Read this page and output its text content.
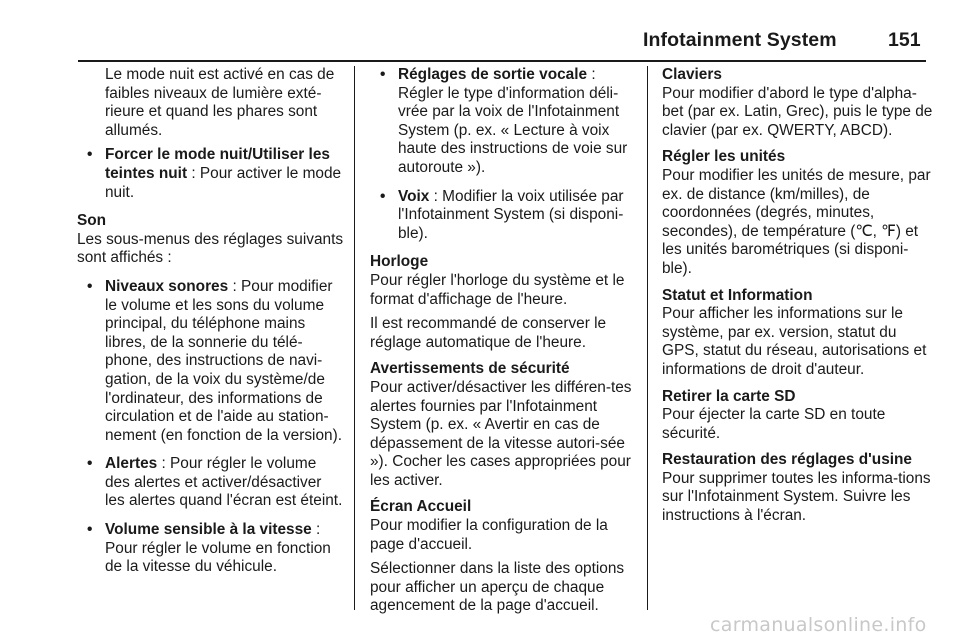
Infotainment System	151

Le mode nuit est activé en cas de faibles niveaux de lumière exté-rieure et quand les phares sont allumés.

• Forcer le mode nuit/Utiliser les teintes nuit : Pour activer le mode nuit.

Son

Les sous-menus des réglages suivants sont affichés :

• Niveaux sonores : Pour modifier le volume et les sons du volume principal, du téléphone mains libres, de la sonnerie du télé-phone, des instructions de navi-gation, de la voix du système/de l'ordinateur, des informations de circulation et de l'aide au station-nement (en fonction de la version).
• Alertes : Pour régler le volume des alertes et activer/désactiver les alertes quand l'écran est éteint.
• Volume sensible à la vitesse : Pour régler le volume en fonction de la vitesse du véhicule.
• Réglages de sortie vocale : Régler le type d'information déli-vrée par la voix de l'Infotainment System (p. ex. « Lecture à voix haute des instructions de voie sur autoroute »).
• Voix : Modifier la voix utilisée par l'Infotainment System (si disponi-ble).

Horloge

Pour régler l'horloge du système et le format d'affichage de l'heure.

Il est recommandé de conserver le réglage automatique de l'heure.

Avertissements de sécurité

Pour activer/désactiver les différen-tes alertes fournies par l'Infotainment System (p. ex. « Avertir en cas de dépassement de la vitesse autori-sée »). Cocher les cases appropriées pour les activer.

Écran Accueil

Pour modifier la configuration de la page d'accueil.

Sélectionner dans la liste des options pour afficher un aperçu de chaque agencement de la page d'accueil.

Claviers

Pour modifier d'abord le type d'alpha-bet (par ex. Latin, Grec), puis le type de clavier (par ex. QWERTY, ABCD).

Régler les unités

Pour modifier les unités de mesure, par ex. de distance (km/milles), de coordonnées (degrés, minutes, secondes), de température (℃, ℉) et les unités barométriques (si disponi-ble).

Statut et Information

Pour afficher les informations sur le système, par ex. version, statut du GPS, statut du réseau, autorisations et informations de droit d'auteur.

Retirer la carte SD

Pour éjecter la carte SD en toute sécurité.

Restauration des réglages d'usine

Pour supprimer toutes les informa-tions sur l'Infotainment System. Suivre les instructions à l'écran.

carmanualsonline.info
